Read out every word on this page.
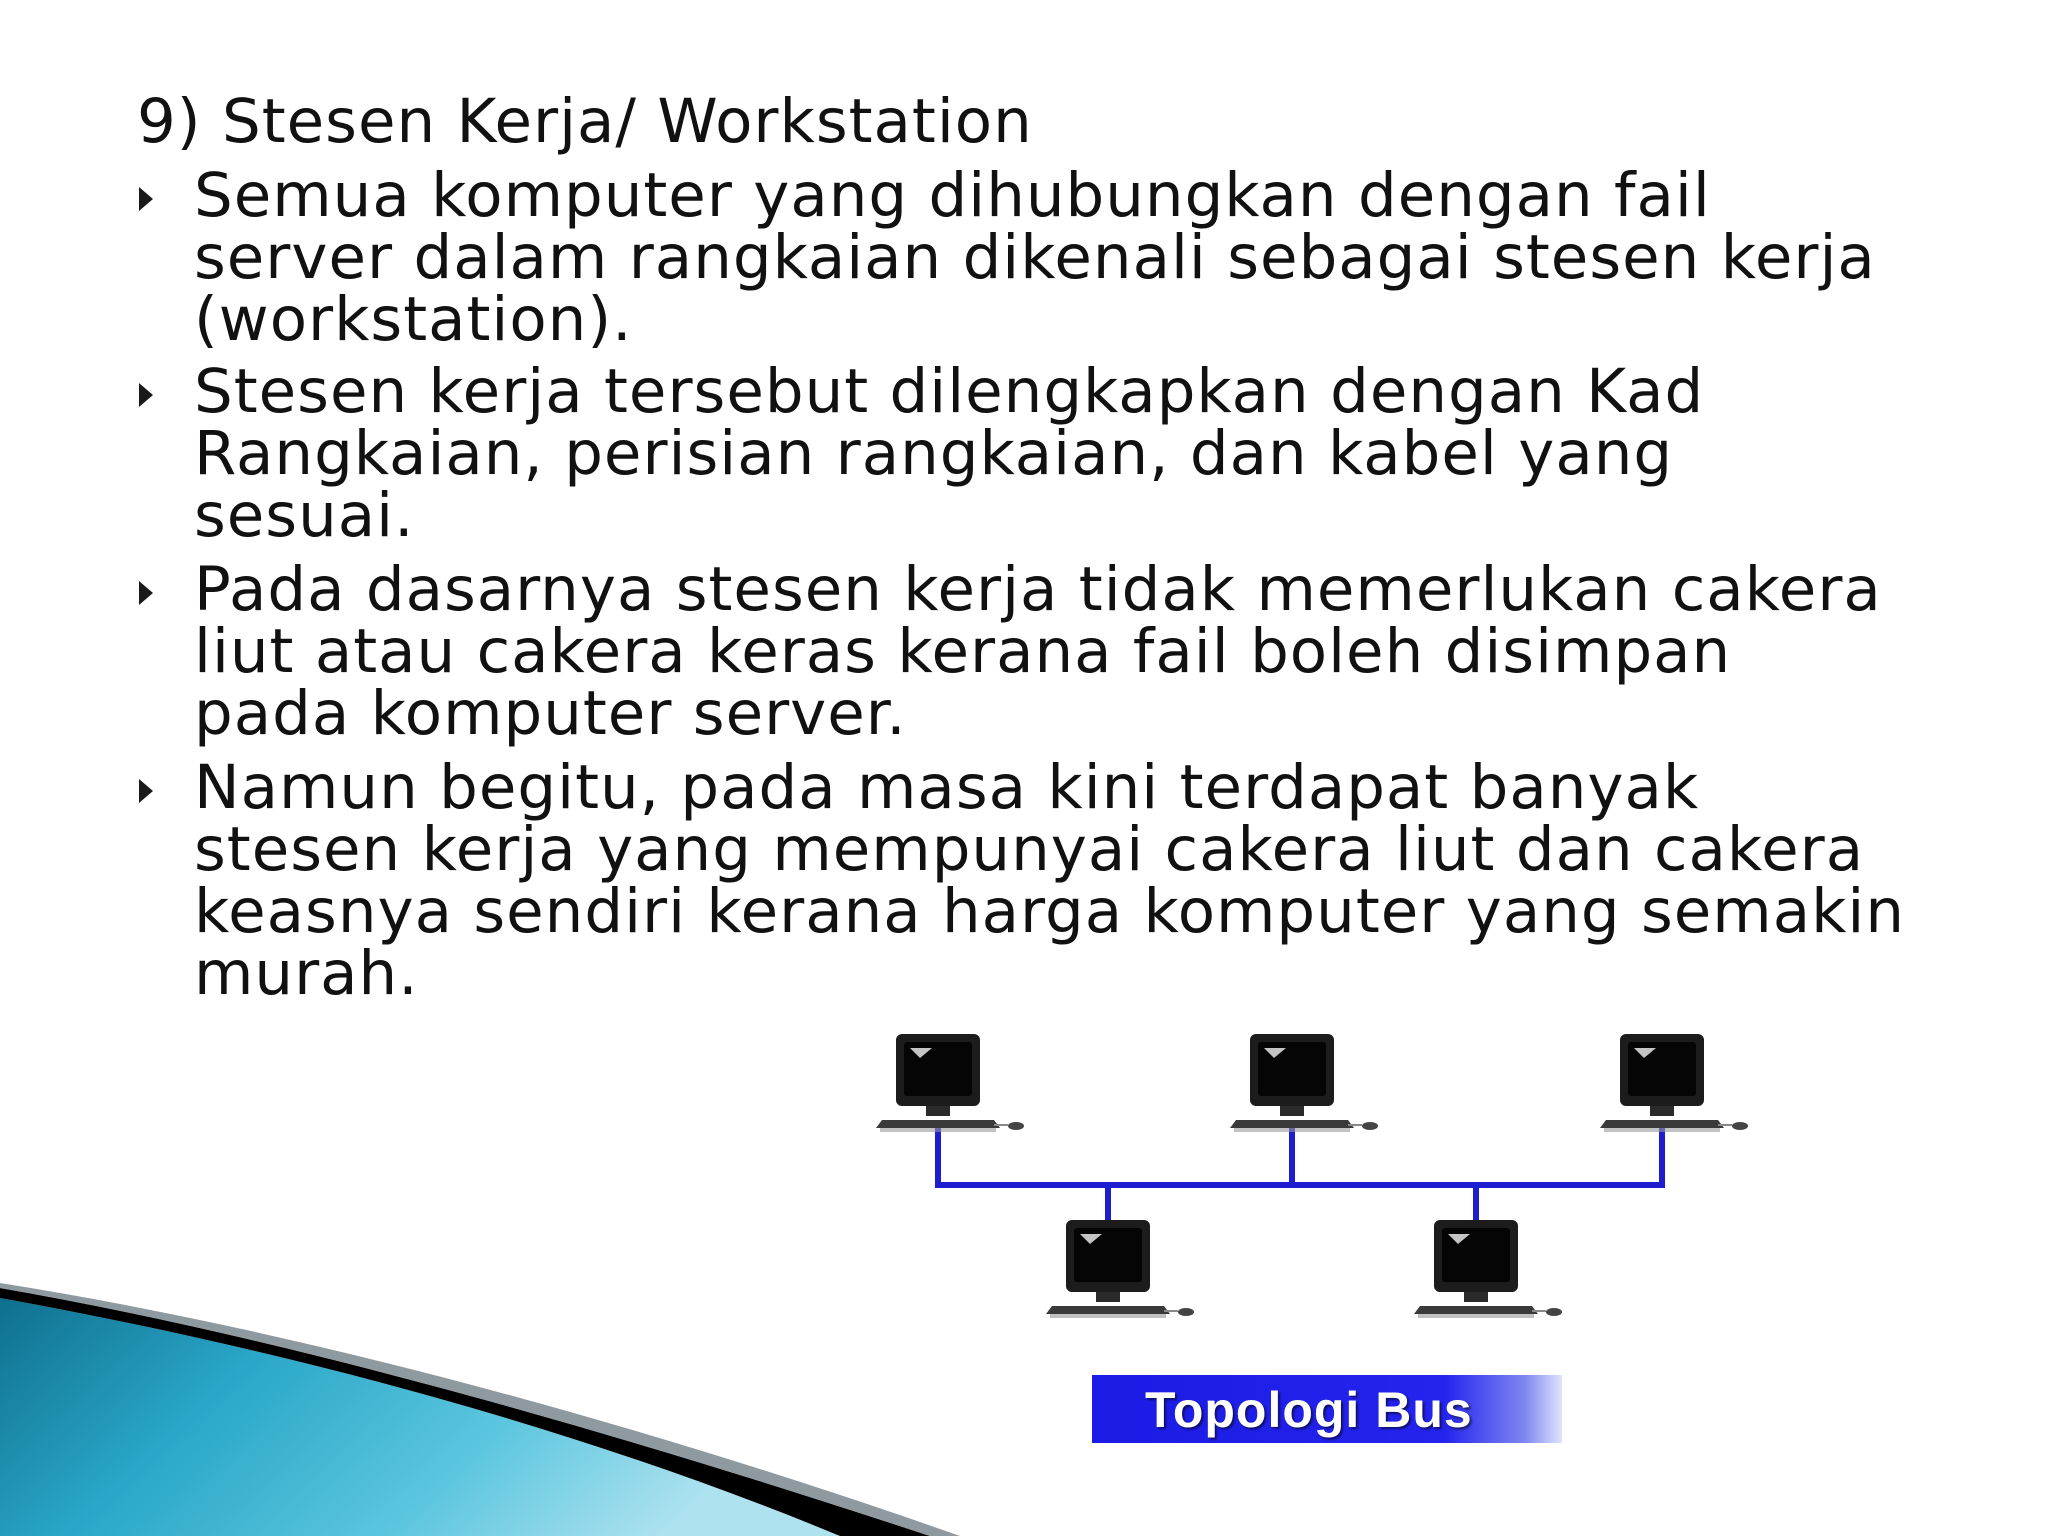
9) Stesen Kerja/ Workstation
Semua komputer yang dihubungkan dengan fail
server dalam rangkaian dikenali sebagai stesen kerja
(workstation).
Stesen kerja tersebut dilengkapkan dengan Kad
Rangkaian, perisian rangkaian, dan kabel yang
sesuai.
Pada dasarnya stesen kerja tidak memerlukan cakera
liut atau cakera keras kerana fail boleh disimpan
pada komputer server.
Namun begitu, pada masa kini terdapat banyak
stesen kerja yang mempunyai cakera liut dan cakera
keasnya sendiri kerana harga komputer yang semakin
murah.
Topologi Bus
